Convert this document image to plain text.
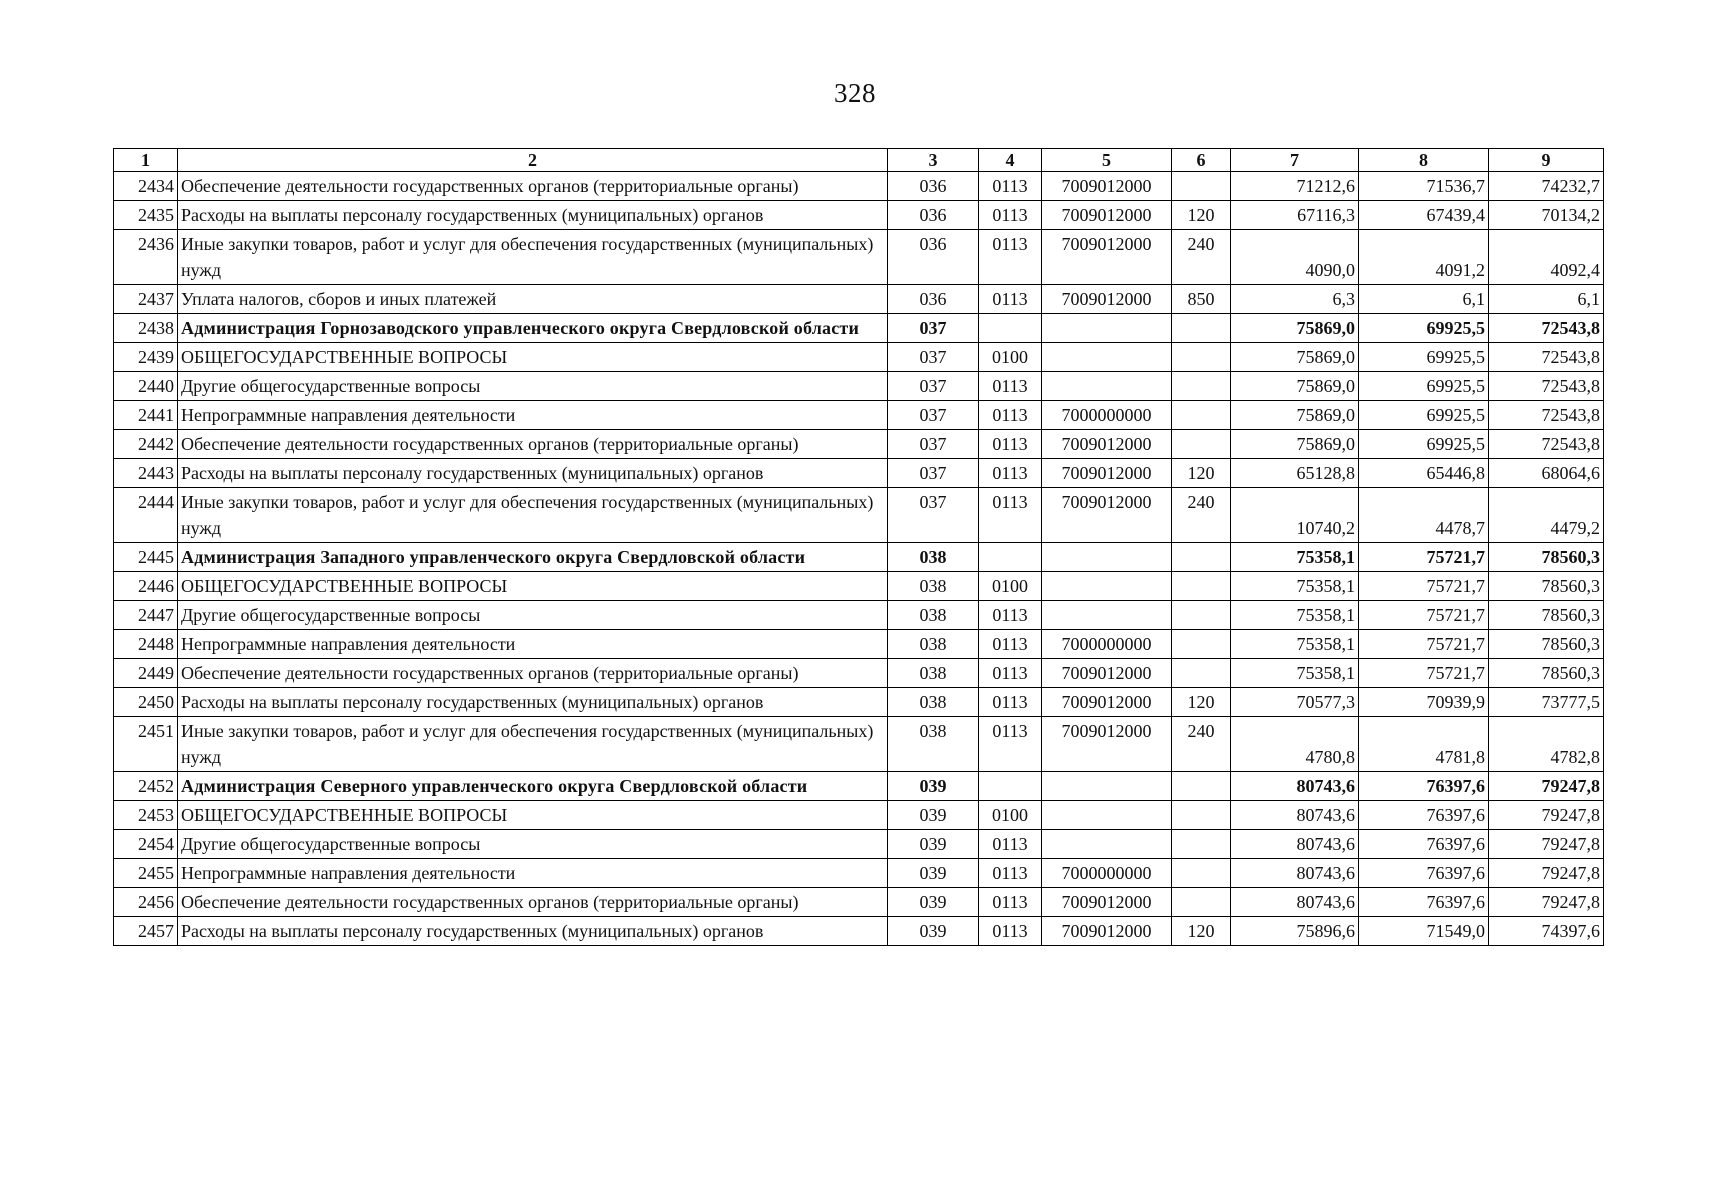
328
1	2	3	4	5	6	7	8	9
2434	Обеспечение деятельности государственных органов (территориальные органы)	036	0113	7009012000		71212,6	71536,7	74232,7
2435	Расходы на выплаты персоналу государственных (муниципальных) органов	036	0113	7009012000	120	67116,3	67439,4	70134,2
2436	Иные закупки товаров, работ и услуг для обеспечения государственных (муниципальных) нужд	036	0113	7009012000	240	4090,0	4091,2	4092,4
2437	Уплата налогов, сборов и иных платежей	036	0113	7009012000	850	6,3	6,1	6,1
2438	Администрация Горнозаводского управленческого округа Свердловской области	037				75869,0	69925,5	72543,8
2439	ОБЩЕГОСУДАРСТВЕННЫЕ ВОПРОСЫ	037	0100			75869,0	69925,5	72543,8
2440	Другие общегосударственные вопросы	037	0113			75869,0	69925,5	72543,8
2441	Непрограммные направления деятельности	037	0113	7000000000		75869,0	69925,5	72543,8
2442	Обеспечение деятельности государственных органов (территориальные органы)	037	0113	7009012000		75869,0	69925,5	72543,8
2443	Расходы на выплаты персоналу государственных (муниципальных) органов	037	0113	7009012000	120	65128,8	65446,8	68064,6
2444	Иные закупки товаров, работ и услуг для обеспечения государственных (муниципальных) нужд	037	0113	7009012000	240	10740,2	4478,7	4479,2
2445	Администрация Западного управленческого округа Свердловской области	038				75358,1	75721,7	78560,3
2446	ОБЩЕГОСУДАРСТВЕННЫЕ ВОПРОСЫ	038	0100			75358,1	75721,7	78560,3
2447	Другие общегосударственные вопросы	038	0113			75358,1	75721,7	78560,3
2448	Непрограммные направления деятельности	038	0113	7000000000		75358,1	75721,7	78560,3
2449	Обеспечение деятельности государственных органов (территориальные органы)	038	0113	7009012000		75358,1	75721,7	78560,3
2450	Расходы на выплаты персоналу государственных (муниципальных) органов	038	0113	7009012000	120	70577,3	70939,9	73777,5
2451	Иные закупки товаров, работ и услуг для обеспечения государственных (муниципальных) нужд	038	0113	7009012000	240	4780,8	4781,8	4782,8
2452	Администрация Северного управленческого округа Свердловской области	039				80743,6	76397,6	79247,8
2453	ОБЩЕГОСУДАРСТВЕННЫЕ ВОПРОСЫ	039	0100			80743,6	76397,6	79247,8
2454	Другие общегосударственные вопросы	039	0113			80743,6	76397,6	79247,8
2455	Непрограммные направления деятельности	039	0113	7000000000		80743,6	76397,6	79247,8
2456	Обеспечение деятельности государственных органов (территориальные органы)	039	0113	7009012000		80743,6	76397,6	79247,8
2457	Расходы на выплаты персоналу государственных (муниципальных) органов	039	0113	7009012000	120	75896,6	71549,0	74397,6
